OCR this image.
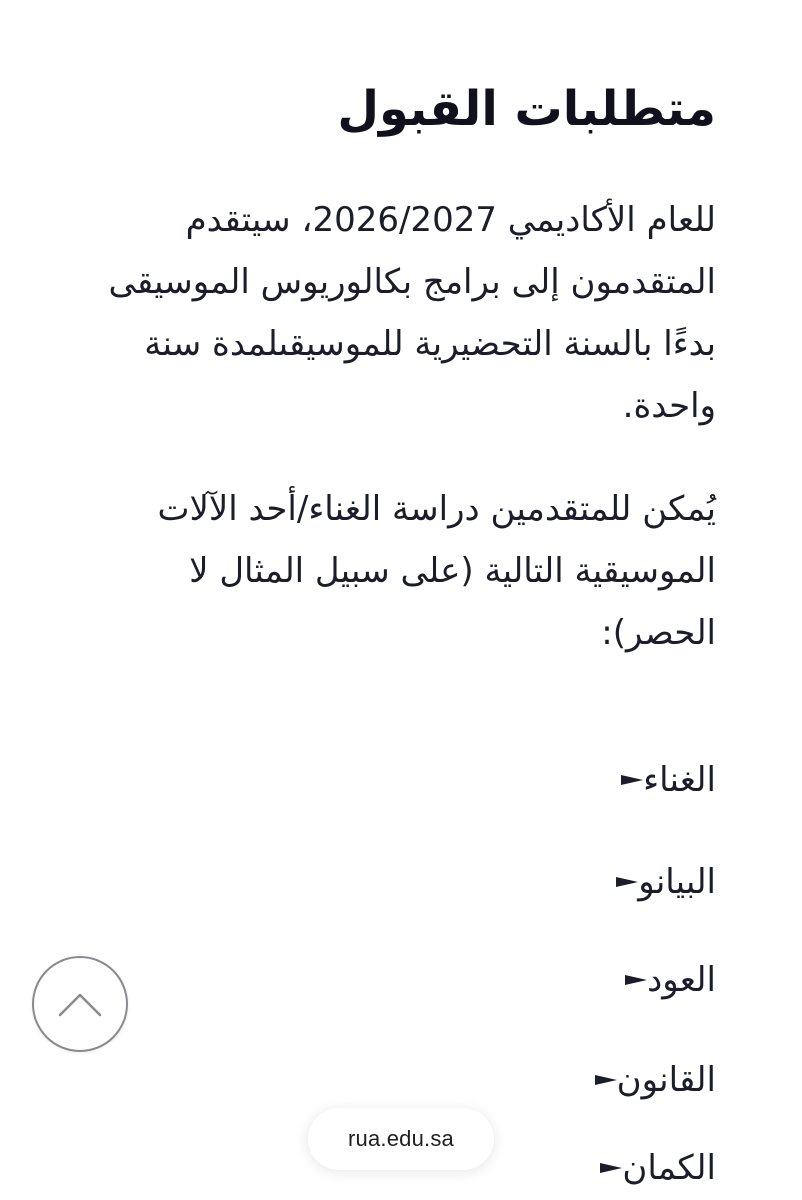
متطلبات القبول

للعام الأكاديمي 2026/2027، سيتقدم المتقدمون إلى برامج بكالوريوس الموسيقى بدءًا بالسنة التحضيرية للموسيقىلمدة سنة واحدة.

يُمكن للمتقدمين دراسة الغناء/أحد الآلات الموسيقية التالية (على سبيل المثال لا الحصر):

الغناء
البيانو
العود
القانون
الكمان
rua.edu.sa
